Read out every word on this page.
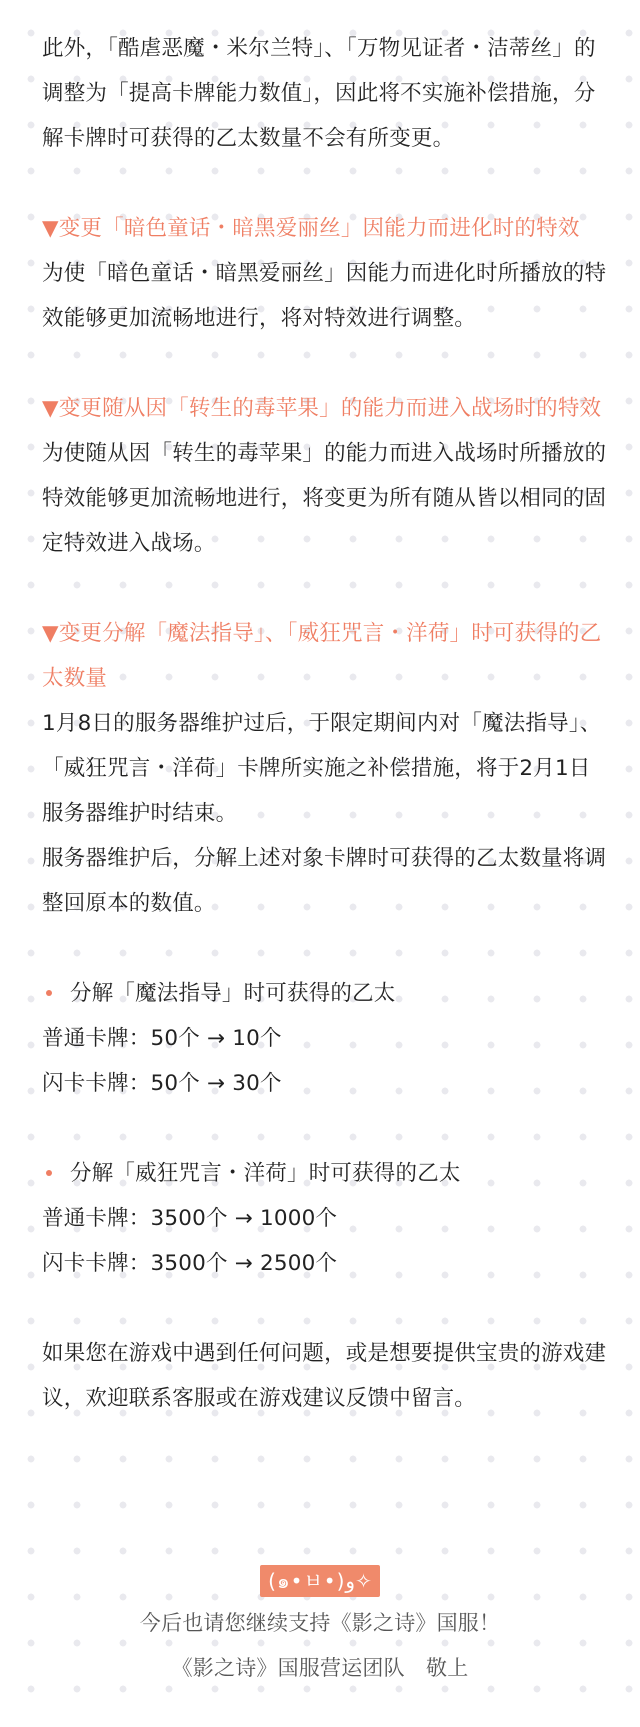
此外，「酷虐恶魔・米尔兰特」、「万物见证者・洁蒂丝」的调整为「提高卡牌能力数值」，因此将不实施补偿措施，分解卡牌时可获得的乙太数量不会有所变更。

▼变更「暗色童话・暗黑爱丽丝」因能力而进化时的特效

为使「暗色童话・暗黑爱丽丝」因能力而进化时所播放的特效能够更加流畅地进行，将对特效进行调整。

▼变更随从因「转生的毒苹果」的能力而进入战场时的特效

为使随从因「转生的毒苹果」的能力而进入战场时所播放的特效能够更加流畅地进行，将变更为所有随从皆以相同的固定特效进入战场。

▼变更分解「魔法指导」、「威狂咒言・洋荷」时可获得的乙太数量

1月8日的服务器维护过后，于限定期间内对「魔法指导」、「威狂咒言・洋荷」卡牌所实施之补偿措施，将于2月1日服务器维护时结束。

服务器维护后，分解上述对象卡牌时可获得的乙太数量将调整回原本的数值。

分解「魔法指导」时可获得的乙太

普通卡牌：50个 → 10个

闪卡卡牌：50个 → 30个

分解「威狂咒言・洋荷」时可获得的乙太

普通卡牌：3500个 → 1000个

闪卡卡牌：3500个 → 2500个

如果您在游戏中遇到任何问题，或是想要提供宝贵的游戏建议，欢迎联系客服或在游戏建议反馈中留言。

(๑•ㅂ•)و✧

今后也请您继续支持《影之诗》国服！

《影之诗》国服营运团队　敬上
